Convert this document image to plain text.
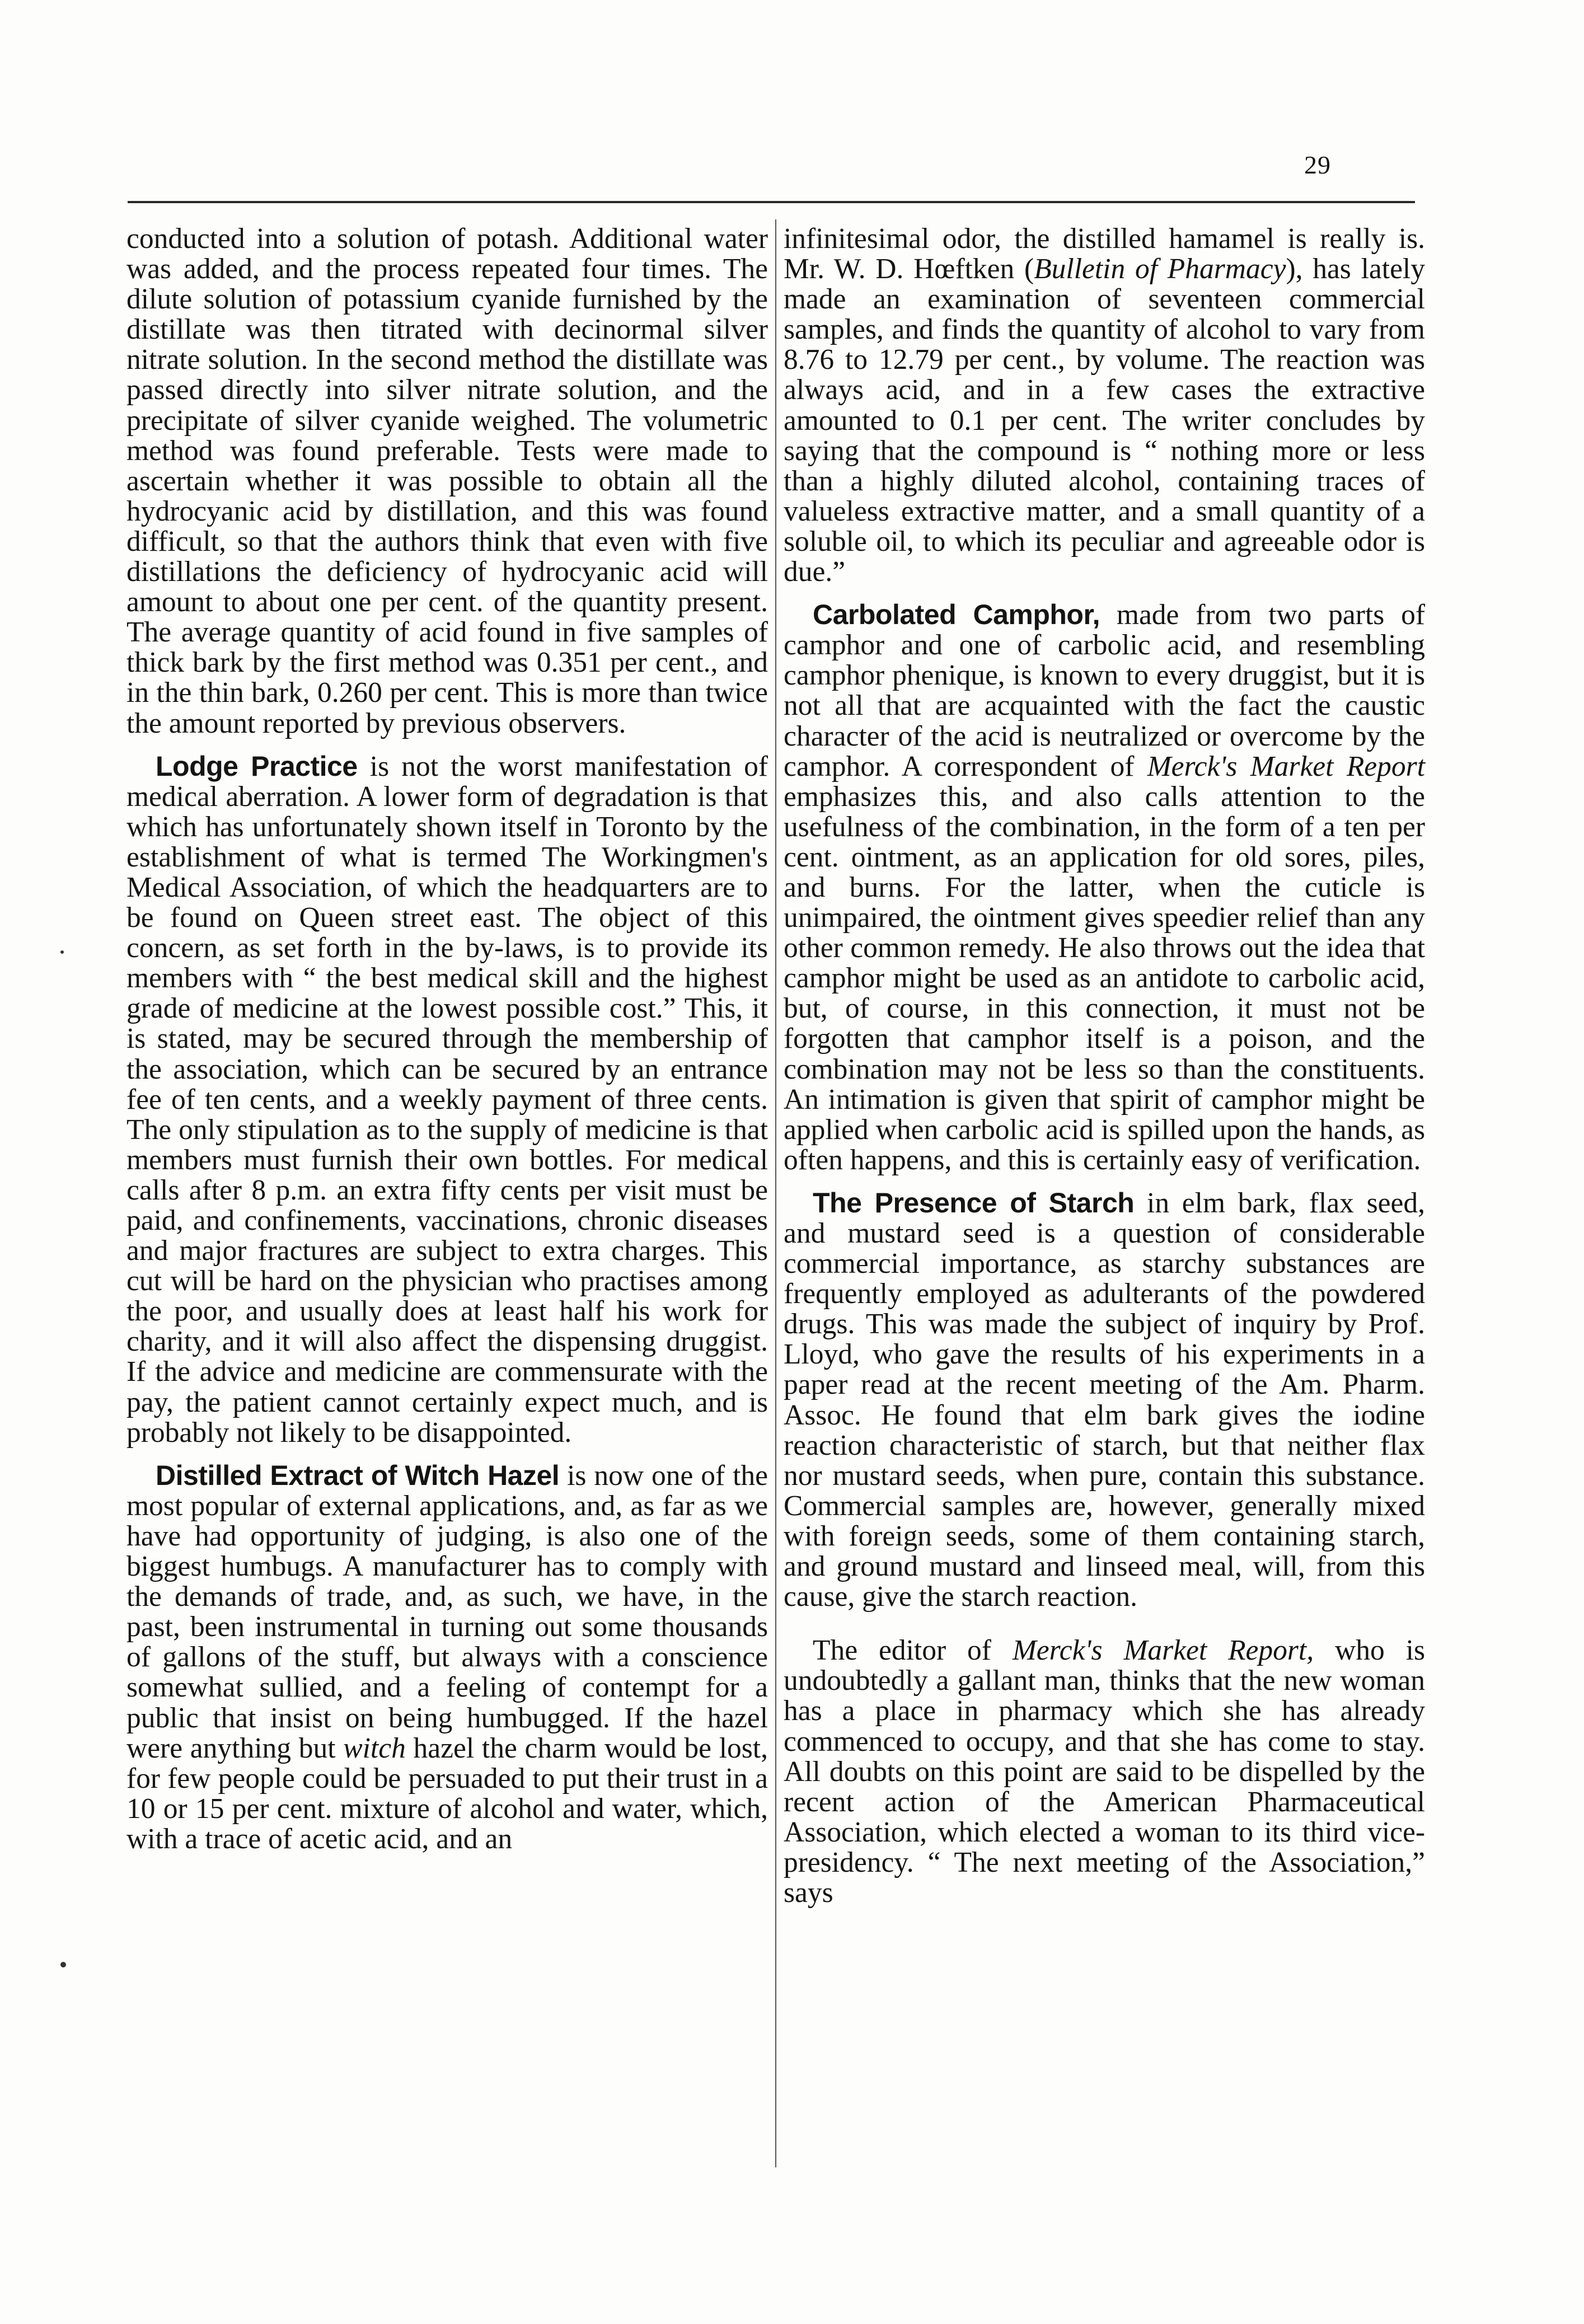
29

conducted into a solution of potash. Additional water was added, and the process repeated four times. The dilute solution of potassium cyanide furnished by the distillate was then titrated with decinormal silver nitrate solution. In the second method the distillate was passed directly into silver nitrate solution, and the precipitate of silver cyanide weighed. The volumetric method was found preferable. Tests were made to ascertain whether it was possible to obtain all the hydrocyanic acid by distillation, and this was found difficult, so that the authors think that even with five distillations the deficiency of hydrocyanic acid will amount to about one per cent. of the quantity present. The average quantity of acid found in five samples of thick bark by the first method was 0.351 per cent., and in the thin bark, 0.260 per cent. This is more than twice the amount reported by previous observers.

Lodge Practice is not the worst manifestation of medical aberration. A lower form of degradation is that which has unfortunately shown itself in Toronto by the establishment of what is termed The Workingmen's Medical Association, of which the headquarters are to be found on Queen street east. The object of this concern, as set forth in the by-laws, is to provide its members with “ the best medical skill and the highest grade of medicine at the lowest possible cost.” This, it is stated, may be secured through the membership of the association, which can be secured by an entrance fee of ten cents, and a weekly payment of three cents. The only stipulation as to the supply of medicine is that members must furnish their own bottles. For medical calls after 8 p.m. an extra fifty cents per visit must be paid, and confinements, vaccinations, chronic diseases and major fractures are subject to extra charges. This cut will be hard on the physician who practises among the poor, and usually does at least half his work for charity, and it will also affect the dispensing druggist. If the advice and medicine are commensurate with the pay, the patient cannot certainly expect much, and is probably not likely to be disappointed.

Distilled Extract of Witch Hazel is now one of the most popular of external applications, and, as far as we have had opportunity of judging, is also one of the biggest humbugs. A manufacturer has to comply with the demands of trade, and, as such, we have, in the past, been instrumental in turning out some thousands of gallons of the stuff, but always with a conscience somewhat sullied, and a feeling of contempt for a public that insist on being humbugged. If the hazel were anything but witch hazel the charm would be lost, for few people could be persuaded to put their trust in a 10 or 15 per cent. mixture of alcohol and water, which, with a trace of acetic acid, and an

infinitesimal odor, the distilled hamamel is really is. Mr. W. D. Hœftken (Bulletin of Pharmacy), has lately made an examination of seventeen commercial samples, and finds the quantity of alcohol to vary from 8.76 to 12.79 per cent., by volume. The reaction was always acid, and in a few cases the extractive amounted to 0.1 per cent. The writer concludes by saying that the compound is “ nothing more or less than a highly diluted alcohol, containing traces of valueless extractive matter, and a small quantity of a soluble oil, to which its peculiar and agreeable odor is due.”

Carbolated Camphor, made from two parts of camphor and one of carbolic acid, and resembling camphor phenique, is known to every druggist, but it is not all that are acquainted with the fact the caustic character of the acid is neutralized or overcome by the camphor. A correspondent of Merck's Market Report emphasizes this, and also calls attention to the usefulness of the combination, in the form of a ten per cent. ointment, as an application for old sores, piles, and burns. For the latter, when the cuticle is unimpaired, the ointment gives speedier relief than any other common remedy. He also throws out the idea that camphor might be used as an antidote to carbolic acid, but, of course, in this connection, it must not be forgotten that camphor itself is a poison, and the combination may not be less so than the constituents. An intimation is given that spirit of camphor might be applied when carbolic acid is spilled upon the hands, as often happens, and this is certainly easy of verification.

The Presence of Starch in elm bark, flax seed, and mustard seed is a question of considerable commercial importance, as starchy substances are frequently employed as adulterants of the powdered drugs. This was made the subject of inquiry by Prof. Lloyd, who gave the results of his experiments in a paper read at the recent meeting of the Am. Pharm. Assoc. He found that elm bark gives the iodine reaction characteristic of starch, but that neither flax nor mustard seeds, when pure, contain this substance. Commercial samples are, however, generally mixed with foreign seeds, some of them containing starch, and ground mustard and linseed meal, will, from this cause, give the starch reaction.

The editor of Merck's Market Report, who is undoubtedly a gallant man, thinks that the new woman has a place in pharmacy which she has already commenced to occupy, and that she has come to stay. All doubts on this point are said to be dispelled by the recent action of the American Pharmaceutical Association, which elected a woman to its third vice-presidency. “ The next meeting of the Association,” says
